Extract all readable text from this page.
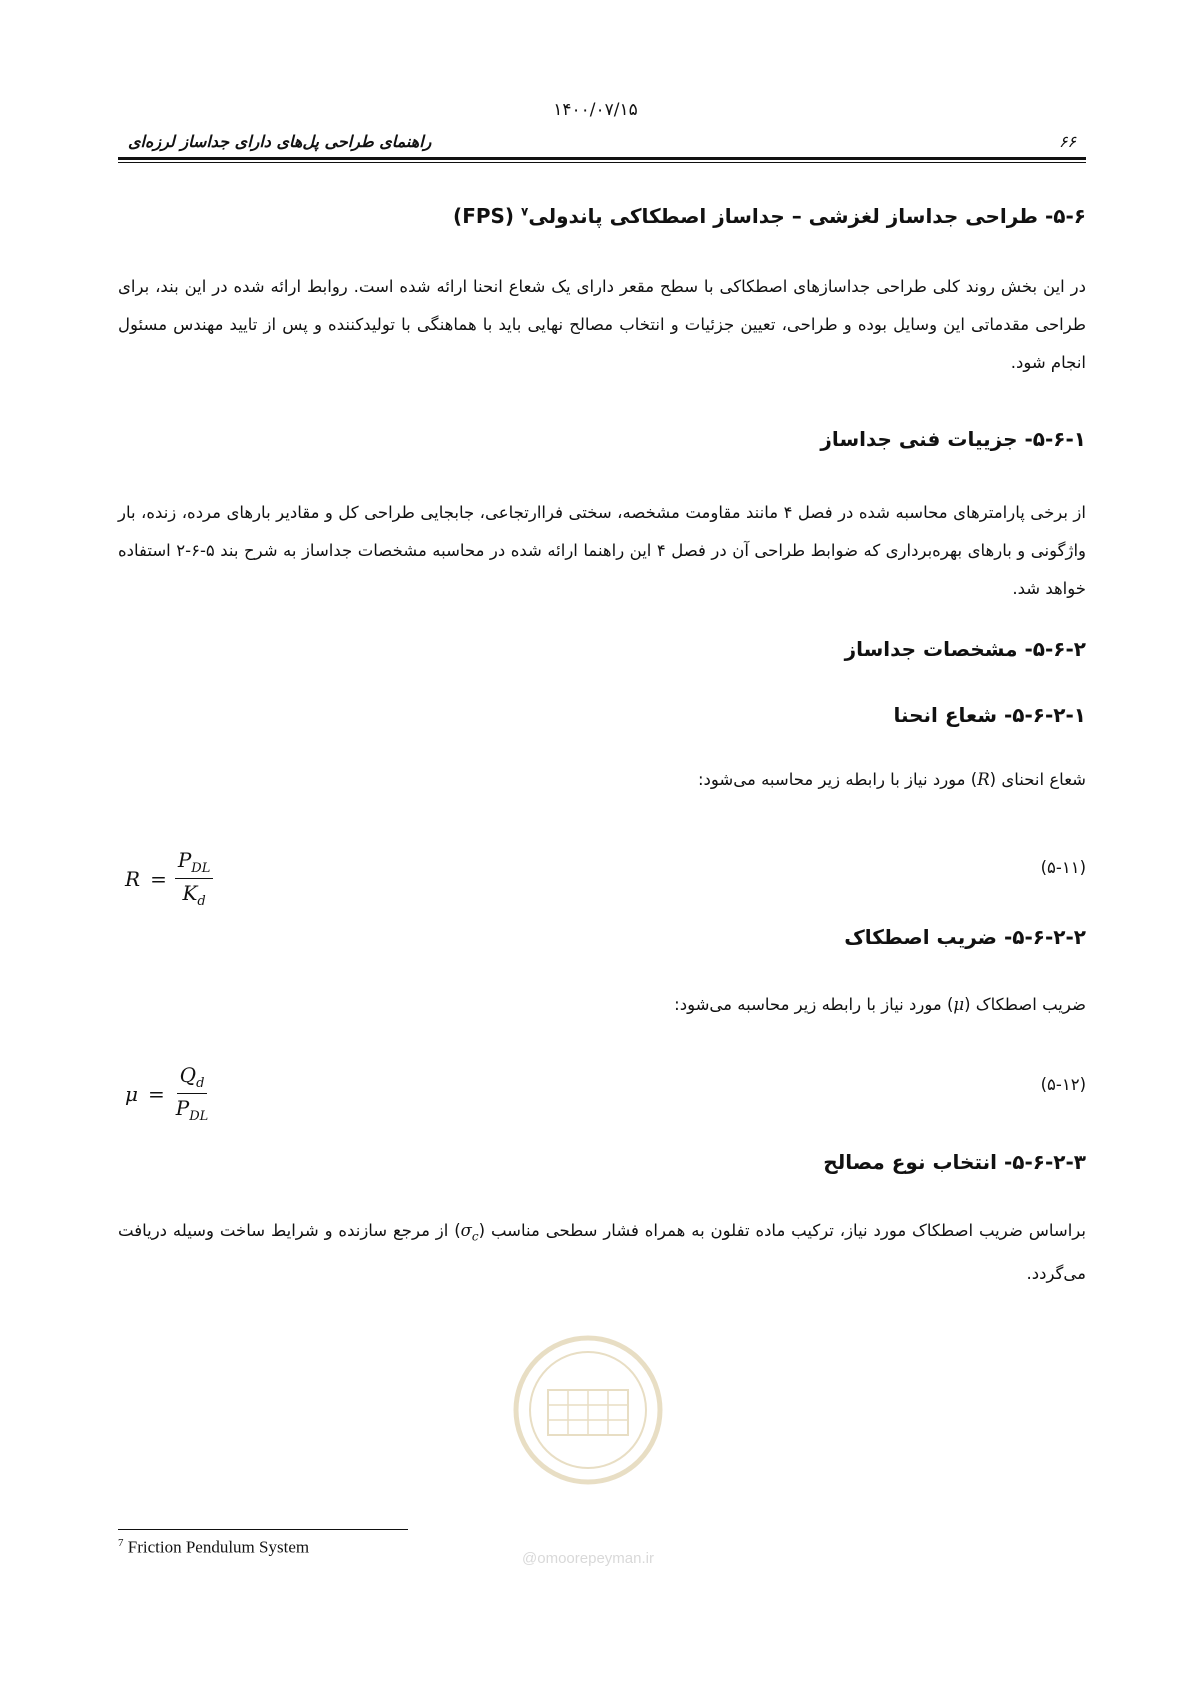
۱۴۰۰/۰۷/۱۵
راهنمای طراحی پل‌های دارای جداساز لرزه‌ای	۶۶
۵-۶- طراحی جداساز لغزشی – جداساز اصطکاکی پاندولی$^۷$ (FPS)
در این بخش روند کلی طراحی جداسازهای اصطکاکی با سطح مقعر دارای یک شعاع انحنا ارائه شده است. روابط ارائه شده در این بند، برای طراحی مقدماتی این وسایل بوده و طراحی، تعیین جزئیات و انتخاب مصالح نهایی باید با هماهنگی با تولیدکننده و پس از تایید مهندس مسئول انجام شود.
۵-۶-۱- جزییات فنی جداساز
از برخی پارامترهای محاسبه شده در فصل ۴ مانند مقاومت مشخصه، سختی فراارتجاعی، جابجایی طراحی کل و مقادیر بارهای مرده، زنده، بار واژگونی و بارهای بهره‌برداری که ضوابط طراحی آن در فصل ۴ این راهنما ارائه شده در محاسبه مشخصات جداساز به شرح بند ۵-۶-۲ استفاده خواهد شد.
۵-۶-۲- مشخصات جداساز
۵-۶-۲-۱- شعاع انحنا
شعاع انحنای (R) مورد نیاز با رابطه زیر محاسبه می‌شود:
$R = \frac{P_{DL}}{K_d}$	(۵-۱۱)
۵-۶-۲-۲- ضریب اصطکاک
ضریب اصطکاک (μ) مورد نیاز با رابطه زیر محاسبه می‌شود:
$\mu = \frac{Q_d}{P_{DL}}$	(۵-۱۲)
۵-۶-۲-۳- انتخاب نوع مصالح
براساس ضریب اصطکاک مورد نیاز، ترکیب ماده تفلون به همراه فشار سطحی مناسب $(\sigma_c)$ از مرجع سازنده و شرایط ساخت وسیله دریافت می‌گردد.
@omoorepeyman.ir
$^7$ Friction Pendulum System
